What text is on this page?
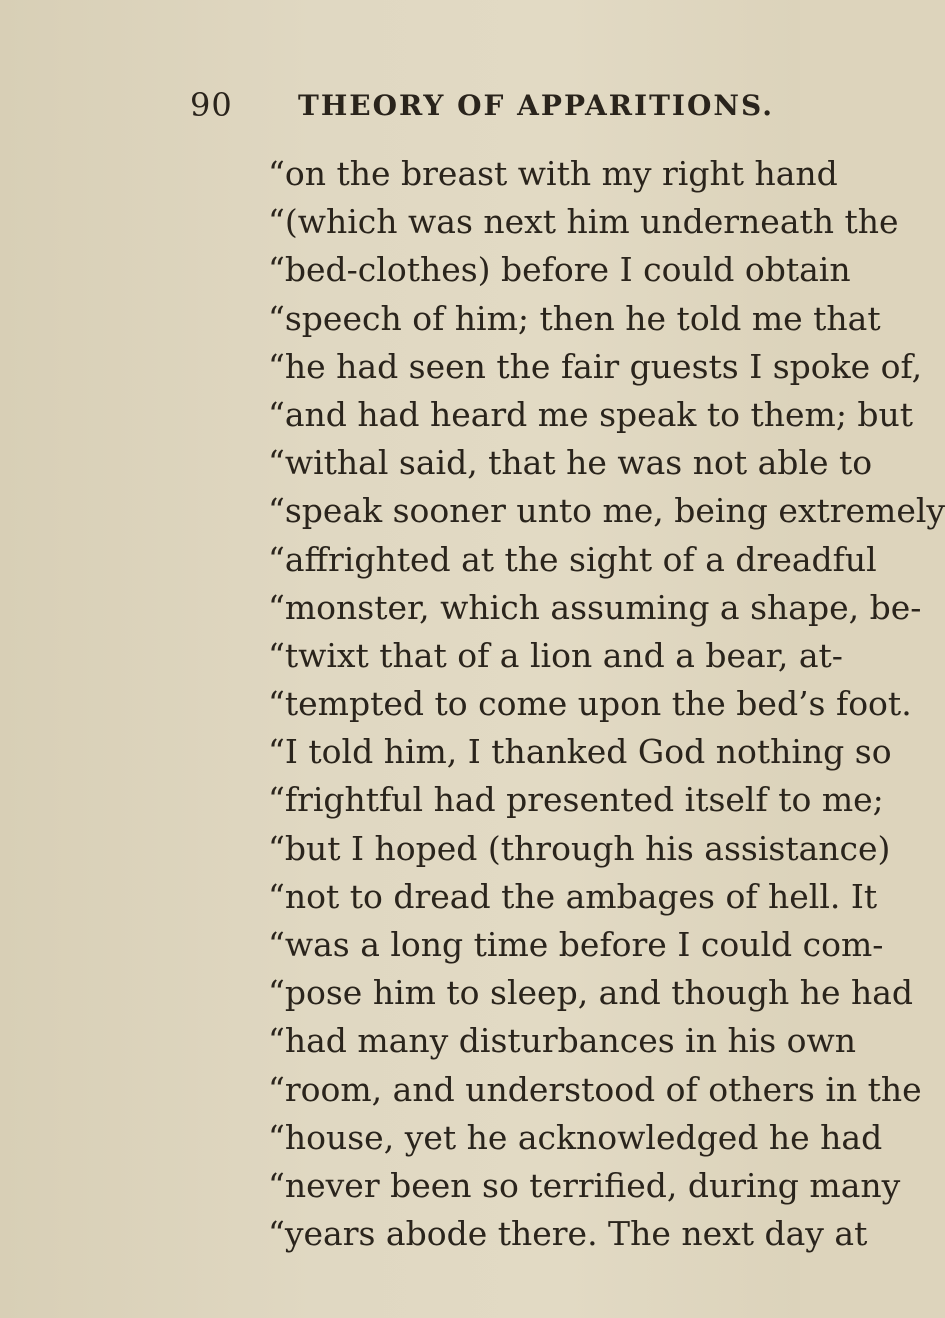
90 THEORY OF APPARITIONS.
“on the breast with my right hand
“(which was next him underneath the
“bed-clothes) before I could obtain
“speech of him; then he told me that
“he had seen the fair guests I spoke of,
“and had heard me speak to them; but
“withal said, that he was not able to
“speak sooner unto me, being extremely
“affrighted at the sight of a dreadful
“monster, which assuming a shape, be-
“twixt that of a lion and a bear, at-
“tempted to come upon the bed’s foot.
“I told him, I thanked God nothing so
“frightful had presented itself to me;
“but I hoped (through his assistance)
“not to dread the ambages of hell. It
“was a long time before I could com-
“pose him to sleep, and though he had
“had many disturbances in his own
“room, and understood of others in the
“house, yet he acknowledged he had
“never been so terrified, during many
“years abode there. The next day at
